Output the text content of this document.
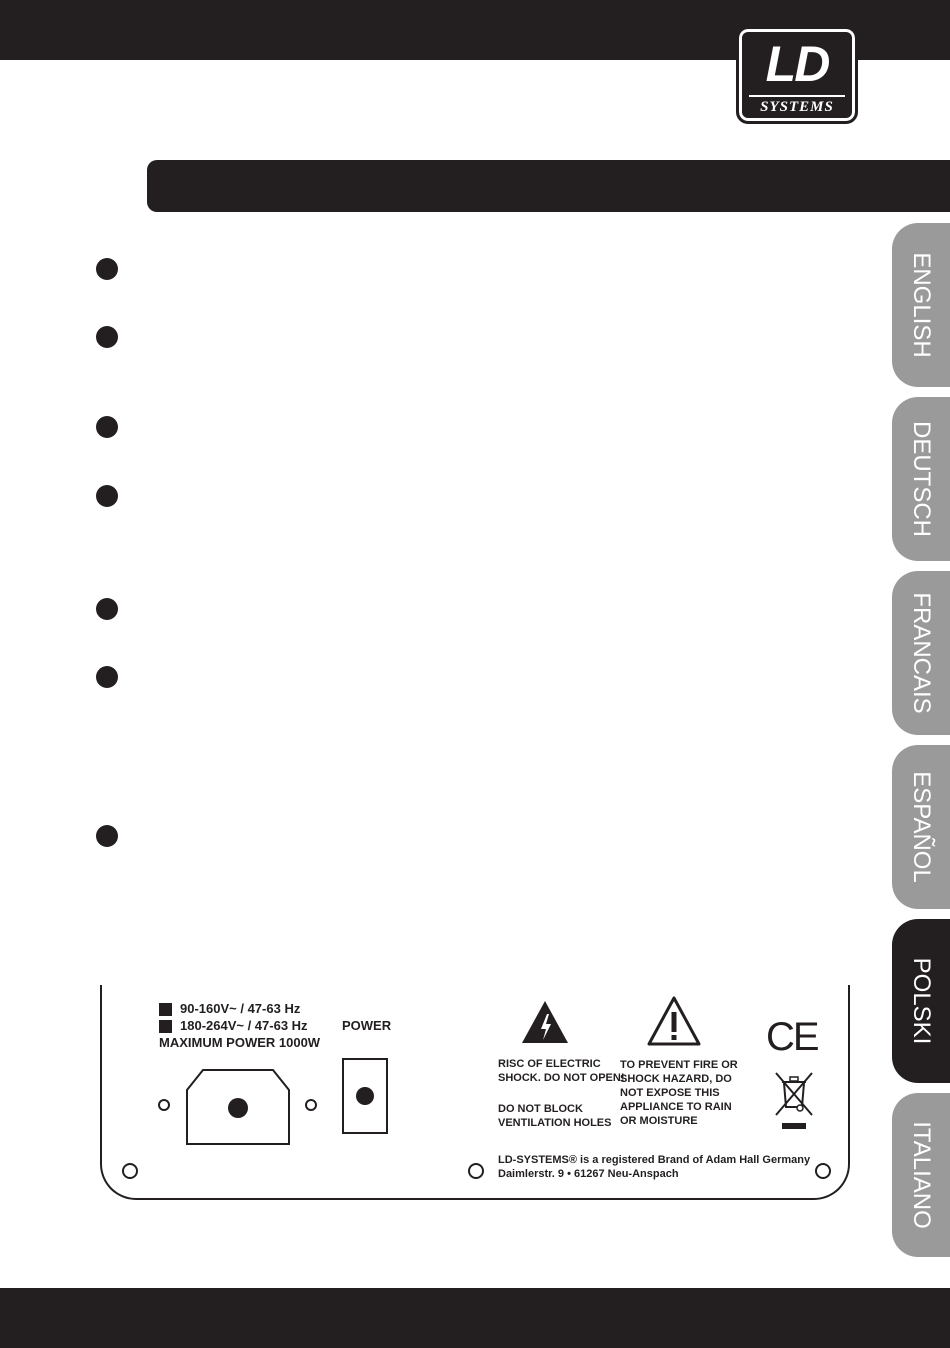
LD
SYSTEMS
ENGLISH
DEUTSCH
FRANCAIS
ESPAÑOL
POLSKI
ITALIANO
90-160V~ / 47-63 Hz
180-264V~ / 47-63 Hz
MAXIMUM POWER 1000W
POWER
RISC OF ELECTRIC
SHOCK. DO NOT OPEN!
DO NOT BLOCK
VENTILATION HOLES
TO PREVENT FIRE OR
SHOCK HAZARD, DO
NOT EXPOSE THIS
APPLIANCE TO RAIN
OR MOISTURE
CE
LD-SYSTEMS® is a registered Brand of Adam Hall Germany
Daimlerstr. 9 • 61267 Neu-Anspach
